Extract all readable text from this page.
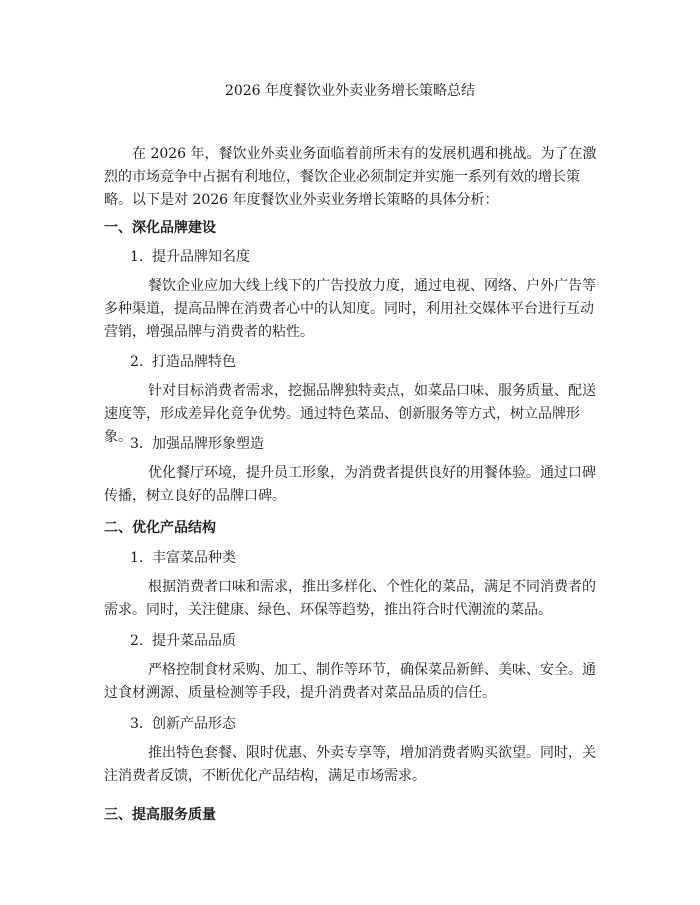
2026 年度餐饮业外卖业务增长策略总结

在 2026 年，餐饮业外卖业务面临着前所未有的发展机遇和挑战。为了在激烈的市场竞争中占据有利地位，餐饮企业必须制定并实施一系列有效的增长策略。以下是对 2026 年度餐饮业外卖业务增长策略的具体分析：

一、深化品牌建设
1. 提升品牌知名度

餐饮企业应加大线上线下的广告投放力度，通过电视、网络、户外广告等多种渠道，提高品牌在消费者心中的认知度。同时，利用社交媒体平台进行互动营销，增强品牌与消费者的粘性。

2. 打造品牌特色

针对目标消费者需求，挖掘品牌独特卖点，如菜品口味、服务质量、配送速度等，形成差异化竞争优势。通过特色菜品、创新服务等方式，树立品牌形象。

3. 加强品牌形象塑造

优化餐厅环境，提升员工形象，为消费者提供良好的用餐体验。通过口碑传播，树立良好的品牌口碑。

二、优化产品结构
1. 丰富菜品种类

根据消费者口味和需求，推出多样化、个性化的菜品，满足不同消费者的需求。同时，关注健康、绿色、环保等趋势，推出符合时代潮流的菜品。

2. 提升菜品品质

严格控制食材采购、加工、制作等环节，确保菜品新鲜、美味、安全。通过食材溯源、质量检测等手段，提升消费者对菜品品质的信任。

3. 创新产品形态

推出特色套餐、限时优惠、外卖专享等，增加消费者购买欲望。同时，关注消费者反馈，不断优化产品结构，满足市场需求。

三、提高服务质量
